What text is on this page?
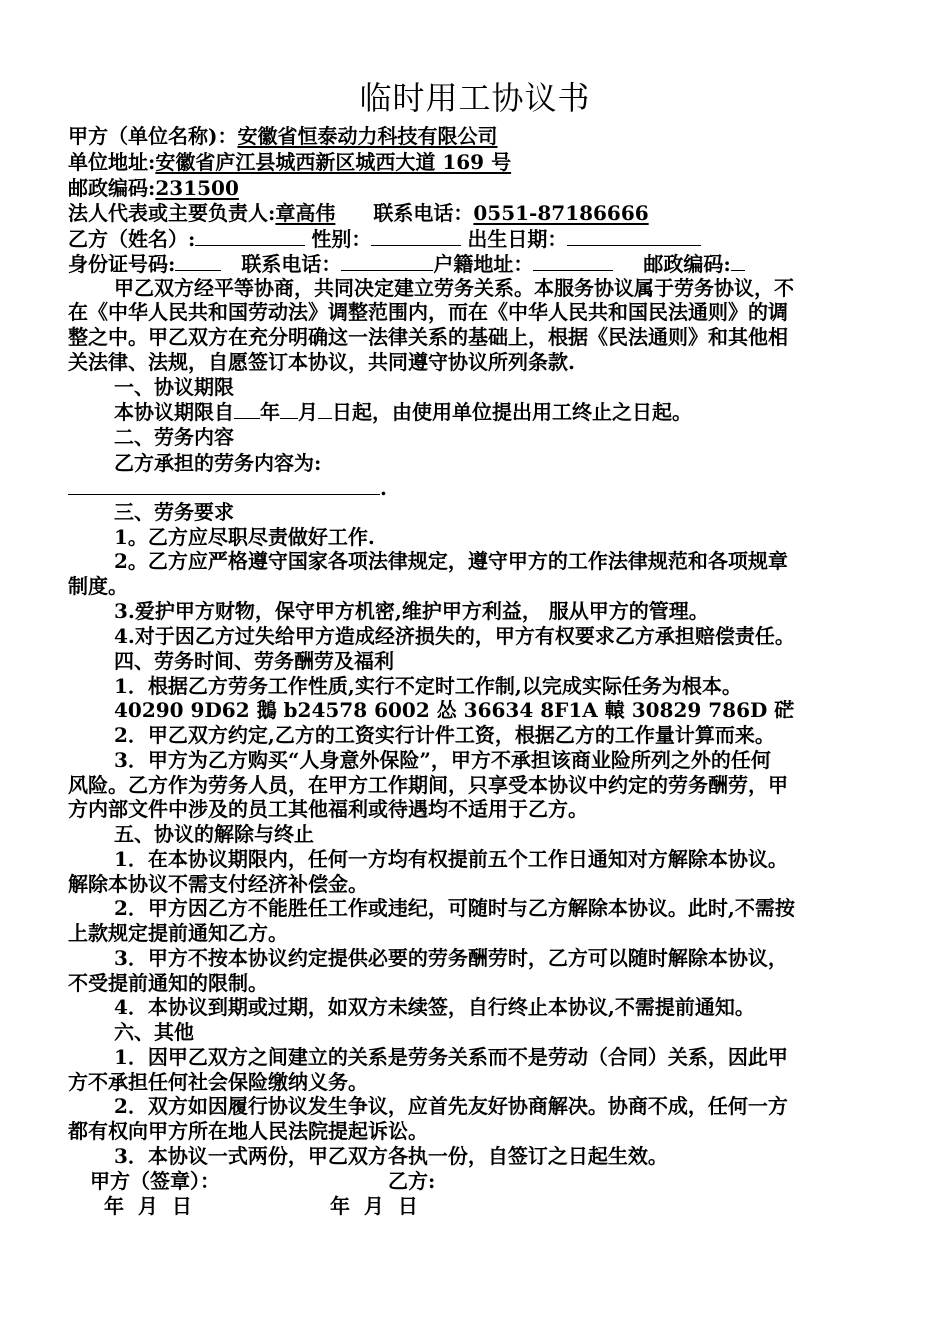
临时用工协议书
甲方（单位名称)：安徽省恒泰动力科技有限公司
单位地址:安徽省庐江县城西新区城西大道 169 号
邮政编码:231500
法人代表或主要负责人:章高伟 联系电话：0551-87186666
乙方（姓名）:	性别：	出生日期：
身份证号码:	联系电话：	户籍地址：	邮政编码:
甲乙双方经平等协商，共同决定建立劳务关系。本服务协议属于劳务协议，不
在《中华人民共和国劳动法》调整范围内，而在《中华人民共和国民法通则》的调
整之中。甲乙双方在充分明确这一法律关系的基础上，根据《民法通则》和其他相
关法律、法规，自愿签订本协议，共同遵守协议所列条款.
一、协议期限
本协议期限自 年 月 日起，由使用单位提出用工终止之日起。
二、劳务内容
乙方承担的劳务内容为:
.
三、劳务要求
1。乙方应尽职尽责做好工作.
2。乙方应严格遵守国家各项法律规定，遵守甲方的工作法律规范和各项规章
制度。
3.爱护甲方财物，保守甲方机密,维护甲方利益， 服从甲方的管理。
4.对于因乙方过失给甲方造成经济损失的，甲方有权要求乙方承担赔偿责任。
四、劳务时间、劳务酬劳及福利
1．根据乙方劳务工作性质,实行不定时工作制,以完成实际任务为根本。
40290 9D62 鵝 b24578 6002 怂 36634 8F1A 轅 30829 786D 硭
2．甲乙双方约定,乙方的工资实行计件工资，根据乙方的工作量计算而来。
3．甲方为乙方购买“人身意外保险”，甲方不承担该商业险所列之外的任何
风险。乙方作为劳务人员，在甲方工作期间，只享受本协议中约定的劳务酬劳，甲
方内部文件中涉及的员工其他福利或待遇均不适用于乙方。
五、协议的解除与终止
1．在本协议期限内，任何一方均有权提前五个工作日通知对方解除本协议。
解除本协议不需支付经济补偿金。
2．甲方因乙方不能胜任工作或违纪，可随时与乙方解除本协议。此时,不需按
上款规定提前通知乙方。
3．甲方不按本协议约定提供必要的劳务酬劳时，乙方可以随时解除本协议，
不受提前通知的限制。
4．本协议到期或过期，如双方未续签，自行终止本协议,不需提前通知。
六、其他
1．因甲乙双方之间建立的关系是劳务关系而不是劳动（合同）关系，因此甲
方不承担任何社会保险缴纳义务。
2．双方如因履行协议发生争议，应首先友好协商解决。协商不成，任何一方
都有权向甲方所在地人民法院提起诉讼。
3．本协议一式两份，甲乙双方各执一份，自签订之日起生效。
甲方（签章）：	乙方:
年  月  日	年  月  日
